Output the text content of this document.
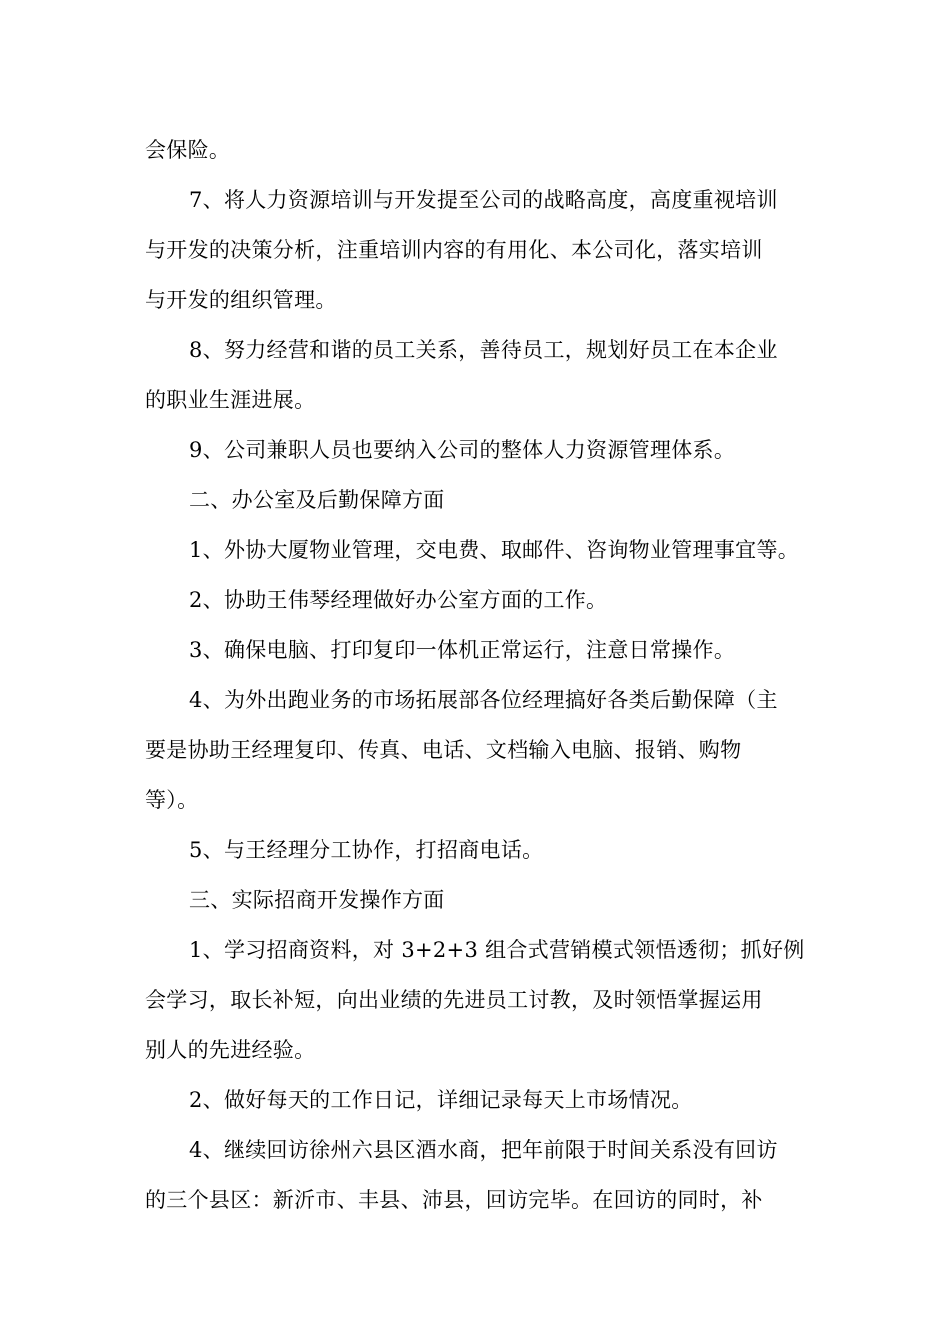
会保险。
7、将人力资源培训与开发提至公司的战略高度，高度重视培训
与开发的决策分析，注重培训内容的有用化、本公司化，落实培训
与开发的组织管理。
8、努力经营和谐的员工关系，善待员工，规划好员工在本企业
的职业生涯进展。
9、公司兼职人员也要纳入公司的整体人力资源管理体系。
二、办公室及后勤保障方面
1、外协大厦物业管理，交电费、取邮件、咨询物业管理事宜等。
2、协助王伟琴经理做好办公室方面的工作。
3、确保电脑、打印复印一体机正常运行，注意日常操作。
4、为外出跑业务的市场拓展部各位经理搞好各类后勤保障（主
要是协助王经理复印、传真、电话、文档输入电脑、报销、购物
等）。
5、与王经理分工协作，打招商电话。
三、实际招商开发操作方面
1、学习招商资料，对 3+2+3 组合式营销模式领悟透彻；抓好例
会学习，取长补短，向出业绩的先进员工讨教，及时领悟掌握运用
别人的先进经验。
2、做好每天的工作日记，详细记录每天上市场情况。
4、继续回访徐州六县区酒水商，把年前限于时间关系没有回访
的三个县区：新沂市、丰县、沛县，回访完毕。在回访的同时，补
